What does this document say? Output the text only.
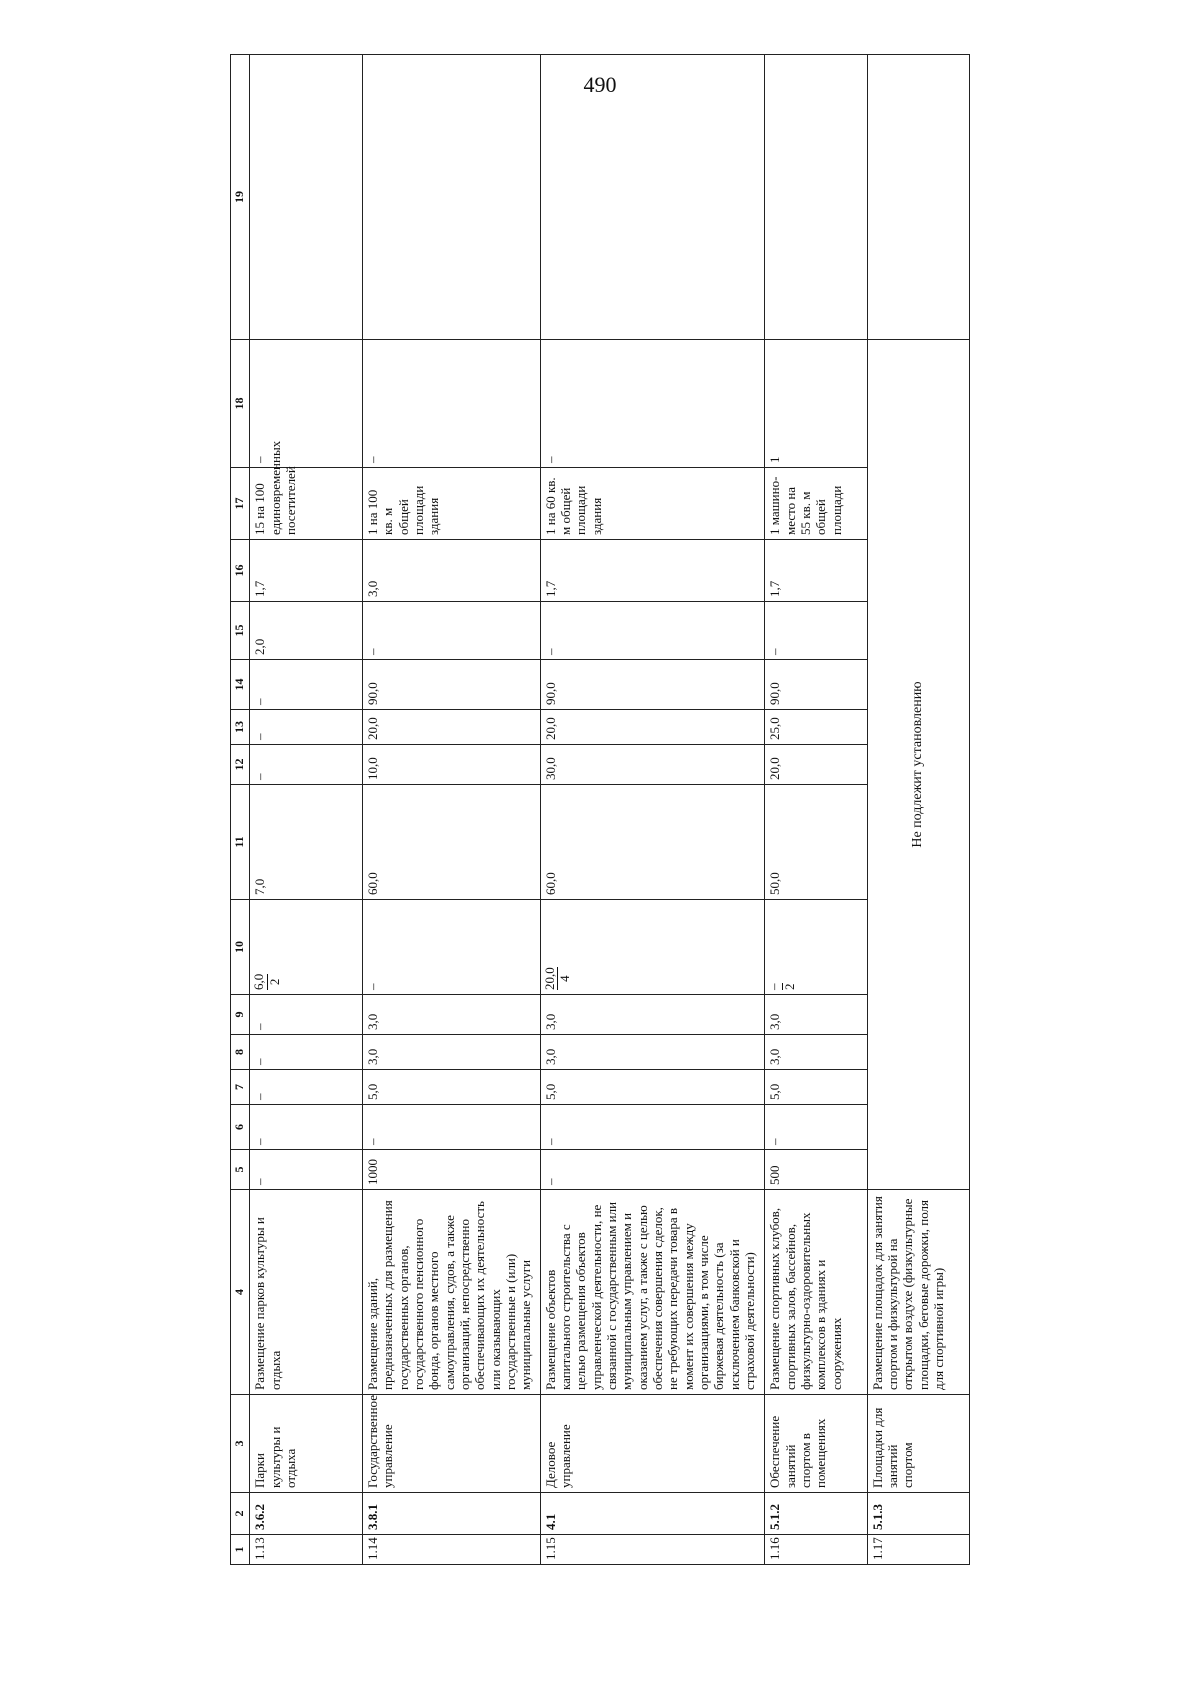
490
1	2	3	4	5	6	7	8	9	10	11	12	13	14	15	16	17	18	19
1.13	3.6.2	Парки культуры и отдыха	Размещение парков культуры и отдыха	–	–	–	–	–	6,0 2	7,0	–	–	–	2,0	1,7	15 на 100 единовременных посетителей	–	
1.14	3.8.1	Государственное управление	Размещение зданий, предназначенных для размещения государственных органов, государственного пенсионного фонда, органов местного самоуправления, судов, а также организаций, непосредственно обеспечивающих их деятельность или оказывающих государственные и (или) муниципальные услуги	1000	–	5,0	3,0	3,0	–	60,0	10,0	20,0	90,0	–	3,0	1 на 100 кв. м общей площади здания	–	
1.15	4.1	Деловое управление	Размещение объектов капитального строительства с целью размещения объектов управленческой деятельности, не связанной с государственным или муниципальным управлением и оказанием услуг, а также с целью обеспечения совершения сделок, не требующих передачи товара в момент их совершения между организациями, в том числе биржевая деятельность (за исключением банковской и страховой деятельности)	–	–	5,0	3,0	3,0	20,0 4	60,0	30,0	20,0	90,0	–	1,7	1 на 60 кв. м общей площади здания	–	
1.16	5.1.2	Обеспечение занятий спортом в помещениях	Размещение спортивных клубов, спортивных залов, бассейнов, физкультурно-оздоровительных комплексов в зданиях и сооружениях	500	–	5,0	3,0	3,0	– 2	50,0	20,0	25,0	90,0	–	1,7	1 машино-место на 55 кв. м общей площади	1	
1.17	5.1.3	Площадки для занятий спортом	Размещение площадок для занятия спортом и физкультурой на открытом воздухе (физкультурные площадки, беговые дорожки, поля для спортивной игры)	Не подлежит установлению														
